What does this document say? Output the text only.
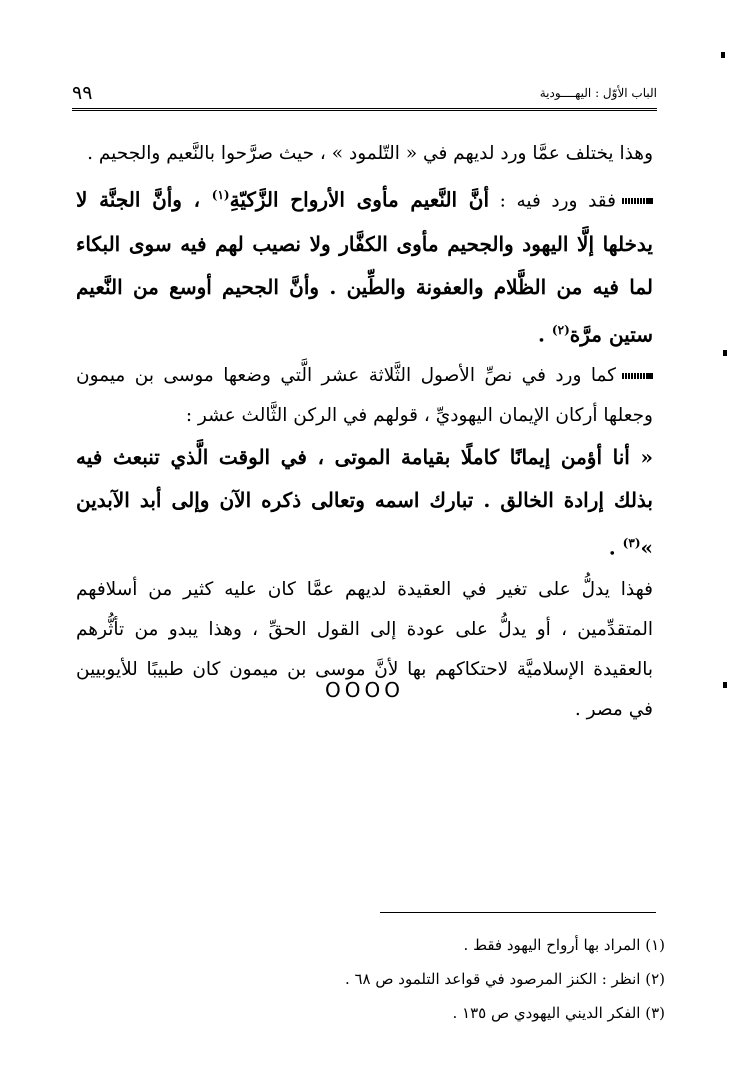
٩٩	الباب الأوّل : اليهــــودية

وهذا يختلف عمَّا ورد لديهم في « التّلمود » ، حيث صرَّحوا بالنَّعيم والجحيم .

فقد ورد فيه : أنَّ النَّعيم مأوى الأرواح الزَّكيّةِ$^{(١)}$ ، وأنَّ الجنَّة لا يدخلها إلَّا اليهود والجحيم مأوى الكفَّار ولا نصيب لهم فيه سوى البكاء لما فيه من الظَّلام والعفونة والطِّين . وأنَّ الجحيم أوسع من النَّعيم ستين مرَّة$^{(٢)}$ .

كما ورد في نصِّ الأصول الثَّلاثة عشر الَّتي وضعها موسى بن ميمون وجعلها أركان الإيمان اليهوديِّ ، قولهم في الركن الثَّالث عشر :

« أنا أؤمن إيمانًا كاملًا بقيامة الموتى ، في الوقت الَّذي تنبعث فيه بذلك إرادة الخالق . تبارك اسمه وتعالى ذكره الآن وإلى أبد الآبدين »$^{(٣)}$ .

فهذا يدلُّ على تغير في العقيدة لديهم عمَّا كان عليه كثير من أسلافهم المتقدِّمين ، أو يدلُّ على عودة إلى القول الحقِّ ، وهذا يبدو من تأثُّرهم بالعقيدة الإسلاميَّة لاحتكاكهم بها لأنَّ موسى بن ميمون كان طبيبًا للأيوبيين في مصر .

OOOO

(١) المراد بها أرواح اليهود فقط .

(٢) انظر : الكنز المرصود في قواعد التلمود ص ٦٨ .

(٣) الفكر الديني اليهودي ص ١٣٥ .
